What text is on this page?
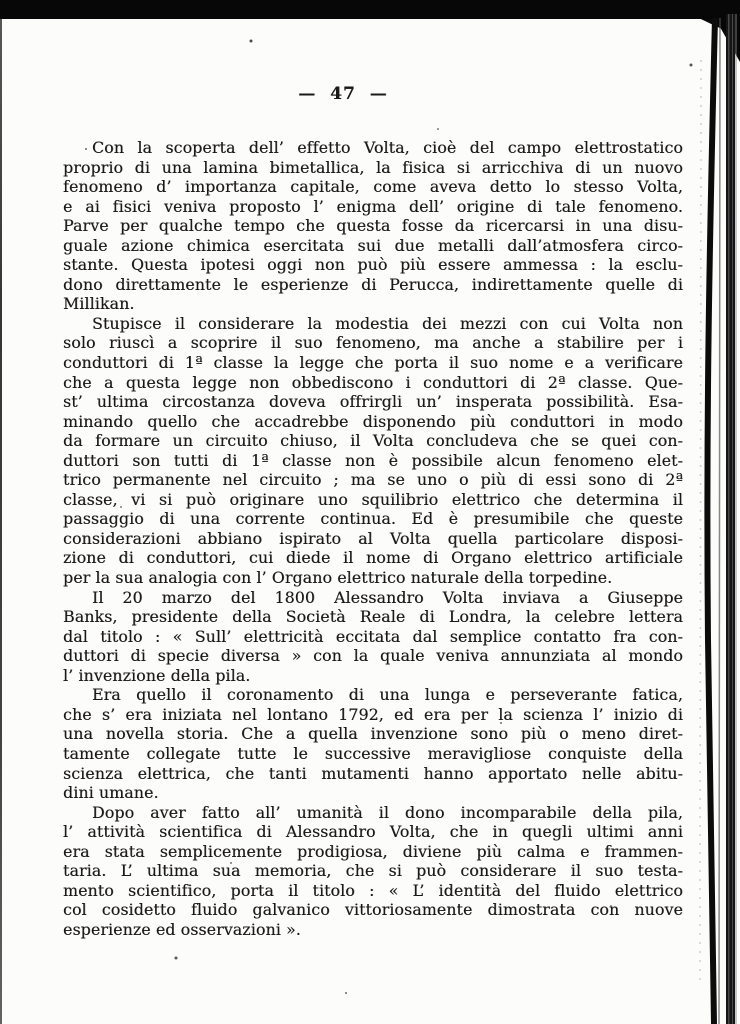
— 47 —
Con la scoperta dell’ effetto Volta, cioè del campo elettrostatico
proprio di una lamina bimetallica, la fisica si arricchiva di un nuovo
fenomeno d’ importanza capitale, come aveva detto lo stesso Volta,
e ai fisici veniva proposto l’ enigma dell’ origine di tale fenomeno.
Parve per qualche tempo che questa fosse da ricercarsi in una disu-
guale azione chimica esercitata sui due metalli dall’atmosfera circo-
stante. Questa ipotesi oggi non può più essere ammessa : la esclu-
dono direttamente le esperienze di Perucca, indirettamente quelle di
Millikan.
Stupisce il considerare la modestia dei mezzi con cui Volta non
solo riuscì a scoprire il suo fenomeno, ma anche a stabilire per i
conduttori di 1ª classe la legge che porta il suo nome e a verificare
che a questa legge non obbediscono i conduttori di 2ª classe. Que-
st’ ultima circostanza doveva offrirgli un’ insperata possibilità. Esa-
minando quello che accadrebbe disponendo più conduttori in modo
da formare un circuito chiuso, il Volta concludeva che se quei con-
duttori son tutti di 1ª classe non è possibile alcun fenomeno elet-
trico permanente nel circuito ; ma se uno o più di essi sono di 2ª
classe, vi si può originare uno squilibrio elettrico che determina il
passaggio di una corrente continua. Ed è presumibile che queste
considerazioni abbiano ispirato al Volta quella particolare disposi-
zione di conduttori, cui diede il nome di Organo elettrico artificiale
per la sua analogia con l’ Organo elettrico naturale della torpedine.
Il 20 marzo del 1800 Alessandro Volta inviava a Giuseppe
Banks, presidente della Società Reale di Londra, la celebre lettera
dal titolo : « Sull’ elettricità eccitata dal semplice contatto fra con-
duttori di specie diversa » con la quale veniva annunziata al mondo
l’ invenzione della pila.
Era quello il coronamento di una lunga e perseverante fatica,
che s’ era iniziata nel lontano 1792, ed era per la scienza l’ inizio di
una novella storia. Che a quella invenzione sono più o meno diret-
tamente collegate tutte le successive meravigliose conquiste della
scienza elettrica, che tanti mutamenti hanno apportato nelle abitu-
dini umane.
Dopo aver fatto all’ umanità il dono incomparabile della pila,
l’ attività scientifica di Alessandro Volta, che in quegli ultimi anni
era stata semplicemente prodigiosa, diviene più calma e frammen-
taria. L’ ultima sua memoria, che si può considerare il suo testa-
mento scientifico, porta il titolo : « L’ identità del fluido elettrico
col cosidetto fluido galvanico vittoriosamente dimostrata con nuove
esperienze ed osservazioni ».
